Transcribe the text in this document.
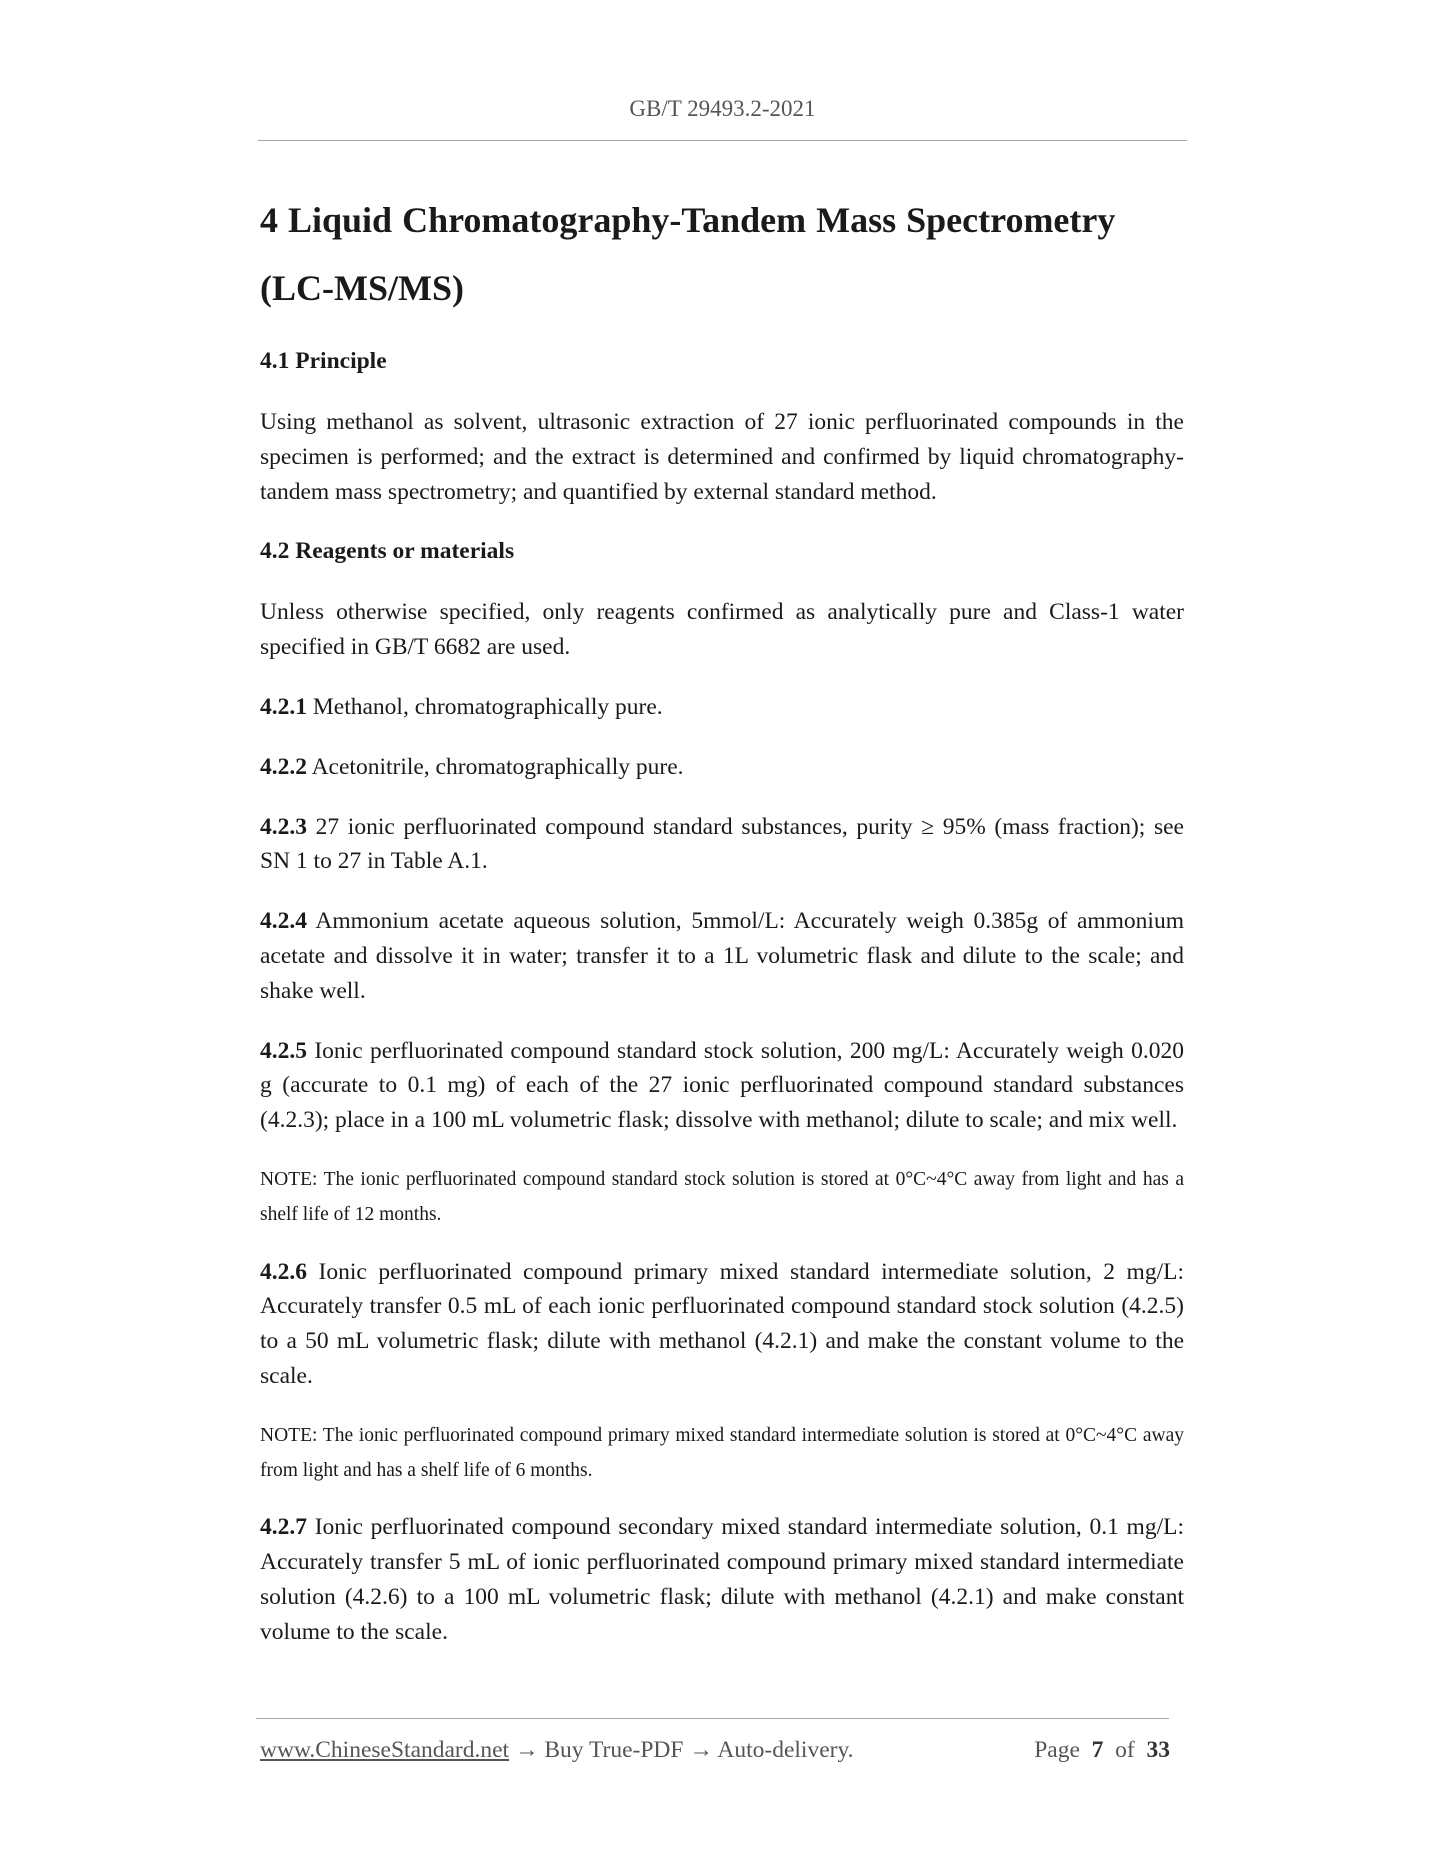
GB/T 29493.2-2021
4 Liquid Chromatography-Tandem Mass Spectrometry (LC-MS/MS)
4.1 Principle
Using methanol as solvent, ultrasonic extraction of 27 ionic perfluorinated compounds in the specimen is performed; and the extract is determined and confirmed by liquid chromatography-tandem mass spectrometry; and quantified by external standard method.
4.2 Reagents or materials
Unless otherwise specified, only reagents confirmed as analytically pure and Class-1 water specified in GB/T 6682 are used.
4.2.1 Methanol, chromatographically pure.
4.2.2 Acetonitrile, chromatographically pure.
4.2.3 27 ionic perfluorinated compound standard substances, purity ≥ 95% (mass fraction); see SN 1 to 27 in Table A.1.
4.2.4 Ammonium acetate aqueous solution, 5mmol/L: Accurately weigh 0.385g of ammonium acetate and dissolve it in water; transfer it to a 1L volumetric flask and dilute to the scale; and shake well.
4.2.5 Ionic perfluorinated compound standard stock solution, 200 mg/L: Accurately weigh 0.020 g (accurate to 0.1 mg) of each of the 27 ionic perfluorinated compound standard substances (4.2.3); place in a 100 mL volumetric flask; dissolve with methanol; dilute to scale; and mix well.
NOTE: The ionic perfluorinated compound standard stock solution is stored at 0°C~4°C away from light and has a shelf life of 12 months.
4.2.6 Ionic perfluorinated compound primary mixed standard intermediate solution, 2 mg/L: Accurately transfer 0.5 mL of each ionic perfluorinated compound standard stock solution (4.2.5) to a 50 mL volumetric flask; dilute with methanol (4.2.1) and make the constant volume to the scale.
NOTE: The ionic perfluorinated compound primary mixed standard intermediate solution is stored at 0°C~4°C away from light and has a shelf life of 6 months.
4.2.7 Ionic perfluorinated compound secondary mixed standard intermediate solution, 0.1 mg/L: Accurately transfer 5 mL of ionic perfluorinated compound primary mixed standard intermediate solution (4.2.6) to a 100 mL volumetric flask; dilute with methanol (4.2.1) and make constant volume to the scale.
www.ChineseStandard.net → Buy True-PDF → Auto-delivery.	Page 7 of 33
